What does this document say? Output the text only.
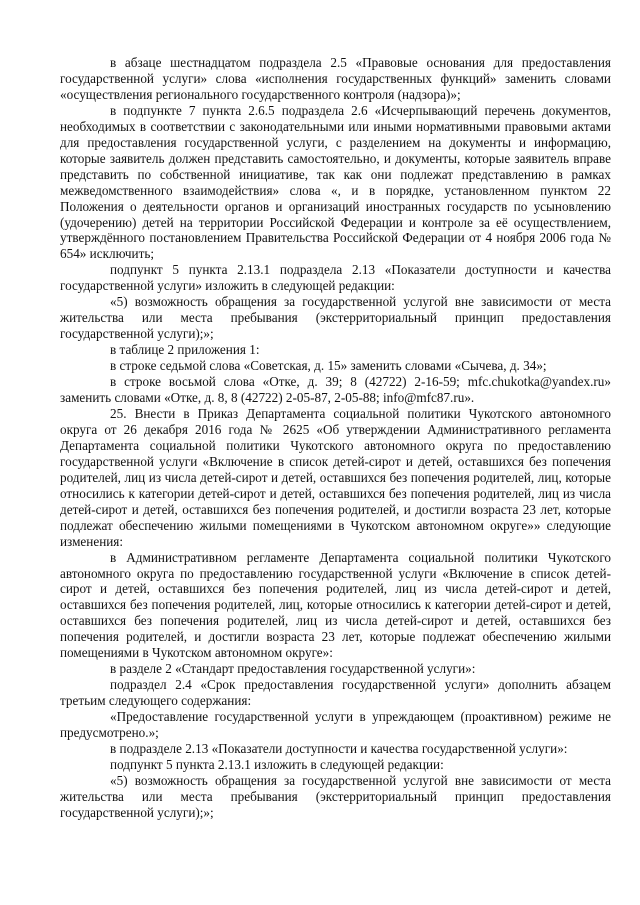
в абзаце шестнадцатом подраздела 2.5 «Правовые основания для предоставления государственной услуги» слова «исполнения государственных функций» заменить словами «осуществления регионального государственного контроля (надзора)»;

в подпункте 7 пункта 2.6.5 подраздела 2.6 «Исчерпывающий перечень документов, необходимых в соответствии с законодательными или иными нормативными правовыми актами для предоставления государственной услуги, с разделением на документы и информацию, которые заявитель должен представить самостоятельно, и документы, которые заявитель вправе представить по собственной инициативе, так как они подлежат представлению в рамках межведомственного взаимодействия» слова «, и в порядке, установленном пунктом 22 Положения о деятельности органов и организаций иностранных государств по усыновлению (удочерению) детей на территории Российской Федерации и контроле за её осуществлением, утверждённого постановлением Правительства Российской Федерации от 4 ноября 2006 года № 654» исключить;

подпункт 5 пункта 2.13.1 подраздела 2.13 «Показатели доступности и качества государственной услуги» изложить в следующей редакции:

«5) возможность обращения за государственной услугой вне зависимости от места жительства или места пребывания (экстерриториальный принцип предоставления государственной услуги);»;

в таблице 2 приложения 1:

в строке седьмой слова «Советская, д. 15» заменить словами «Сычева, д. 34»;

в строке восьмой слова «Отке, д. 39; 8 (42722) 2-16-59; mfc.chukotka@yandex.ru» заменить словами «Отке, д. 8, 8 (42722) 2-05-87, 2-05-88; info@mfc87.ru».

25. Внести в Приказ Департамента социальной политики Чукотского автономного округа от 26 декабря 2016 года № 2625 «Об утверждении Административного регламента Департамента социальной политики Чукотского автономного округа по предоставлению государственной услуги «Включение в список детей-сирот и детей, оставшихся без попечения родителей, лиц из числа детей-сирот и детей, оставшихся без попечения родителей, лиц, которые относились к категории детей-сирот и детей, оставшихся без попечения родителей, лиц из числа детей-сирот и детей, оставшихся без попечения родителей, и достигли возраста 23 лет, которые подлежат обеспечению жилыми помещениями в Чукотском автономном округе»» следующие изменения:

в Административном регламенте Департамента социальной политики Чукотского автономного округа по предоставлению государственной услуги «Включение в список детей-сирот и детей, оставшихся без попечения родителей, лиц из числа детей-сирот и детей, оставшихся без попечения родителей, лиц, которые относились к категории детей-сирот и детей, оставшихся без попечения родителей, лиц из числа детей-сирот и детей, оставшихся без попечения родителей, и достигли возраста 23 лет, которые подлежат обеспечению жилыми помещениями в Чукотском автономном округе»:

в разделе 2 «Стандарт предоставления государственной услуги»:

подраздел 2.4 «Срок предоставления государственной услуги» дополнить абзацем третьим следующего содержания:

«Предоставление государственной услуги в упреждающем (проактивном) режиме не предусмотрено.»;

в подразделе 2.13 «Показатели доступности и качества государственной услуги»:

подпункт 5 пункта 2.13.1 изложить в следующей редакции:

«5) возможность обращения за государственной услугой вне зависимости от места жительства или места пребывания (экстерриториальный принцип предоставления государственной услуги);»;
